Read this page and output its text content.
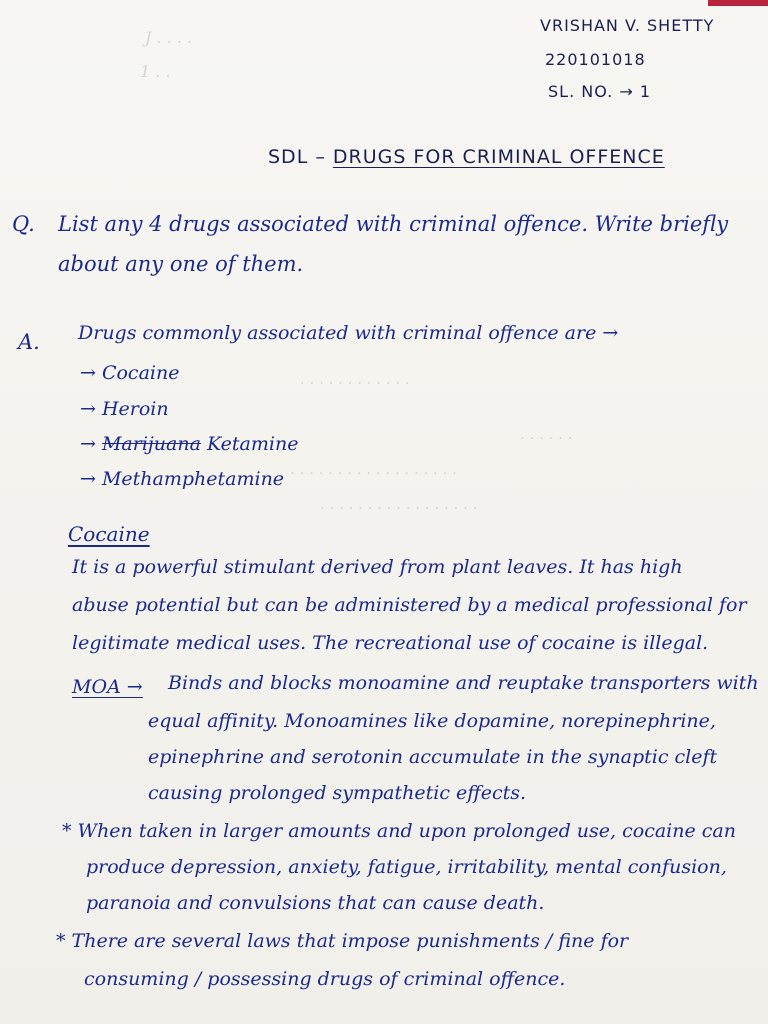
J . . . .
1 . .
. . . . . . . . . . . .
. . . . . .
. . . . . . . . . . . . . . . . . .
. . . . . . . . . . . . . . . . .
VRISHAN V. SHETTY
220101018
SL. NO. → 1
SDL – DRUGS FOR CRIMINAL OFFENCE
Q. List any 4 drugs associated with criminal offence. Write briefly
about any one of them.
A. Drugs commonly associated with criminal offence are →
→ Cocaine
→ Heroin
→ Marijuana Ketamine
→ Methamphetamine
Cocaine
It is a powerful stimulant derived from plant leaves. It has high
abuse potential but can be administered by a medical professional for
legitimate medical uses. The recreational use of cocaine is illegal.
MOA → Binds and blocks monoamine and reuptake transporters with
equal affinity. Monoamines like dopamine, norepinephrine,
epinephrine and serotonin accumulate in the synaptic cleft
causing prolonged sympathetic effects.
* When taken in larger amounts and upon prolonged use, cocaine can
produce depression, anxiety, fatigue, irritability, mental confusion,
paranoia and convulsions that can cause death.
* There are several laws that impose punishments / fine for
consuming / possessing drugs of criminal offence.
